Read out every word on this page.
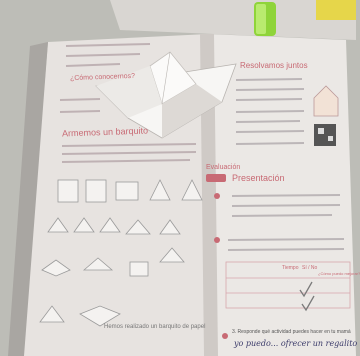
Armemos un barquito
Resolvamos juntos
¿Cómo conocernos?
Evaluación
Presentación
Tiempo Sí / No
¿Cómo puedo mejorar?
Hemos realizado un barquito de papel
3. Responde qué actividad puedes hacer en tu mamá
yo puedo... ofrecer un regalito
